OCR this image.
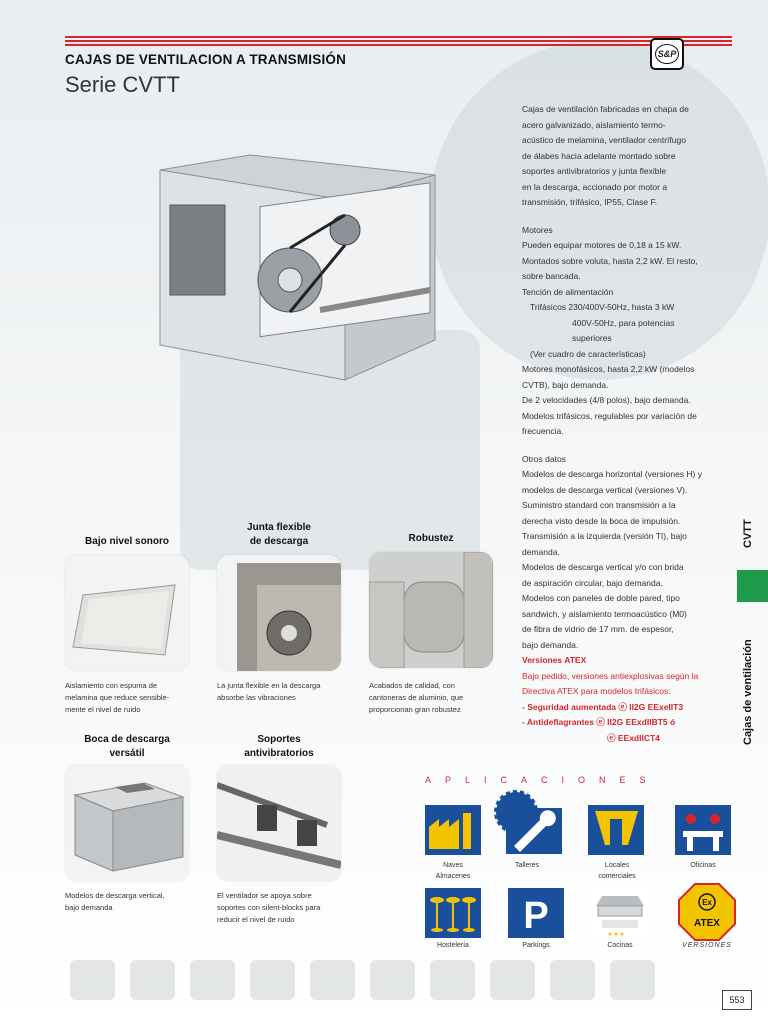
S&P
CAJAS DE VENTILACION A TRANSMISIÓN
Serie CVTT

Cajas de ventilación fabricadas en chapa de

acero galvanizado, aislamiento termo-

acústico de melamina, ventilador centrífugo

de álabes hacia adelante montado sobre

soportes antivibratorios y junta flexible

en la descarga, accionado por motor a

transmisión, trifásico, IP55, Clase F.

Motores

Pueden equipar motores de 0,18 a 15 kW.

Montados sobre voluta, hasta 2,2 kW. El resto,

sobre bancada.

Tención de alimentación

Trifásicos 230/400V-50Hz, hasta 3 kW

400V-50Hz, para potencias

superiores

(Ver cuadro de características)

Motores monofásicos, hasta 2,2 kW (modelos

CVTB), bajo demanda.

De 2 velocidades (4/8 polos), bajo demanda.

Modelos trifásicos, regulables por variación de

frecuencia.

Otros datos

Modelos de descarga horizontal (versiones H) y

modelos de descarga vertical (versiones V).

Suministro standard con transmisión a la

derecha visto desde la boca de impulsión.

Transmisión a la izquierda (versión TI), bajo

demanda.

Modelos de descarga vertical y/o con brida

de aspiración circular, bajo demanda.

Modelos con paneles de doble pared, tipo

sandwich, y aislamiento termoacústico (M0)

de fibra de vidrio de 17 mm. de espesor,

bajo demanda.

Versiones ATEX

Bajo pedido, versiones antiexplosivas según la

Directiva ATEX para modelos trifásicos:

- Seguridad aumentada ⓔ II2G EExeIIT3

- Antideflagrantes ⓔ II2G EExdIIBT5 ó

ⓔ EExdIICT4

CVTT
Cajas de ventilación
Bajo nivel sonoro
Aislamiento con espuma de
melamina que reduce sensible-
mente el nivel de ruido
Junta flexible
de descarga
La junta flexible en la descarga
absorbe las vibraciones
Robustez
Acabados de calidad, con
cantoneras de aluminio, que
proporcionan gran robustez
Boca de descarga
versátil
Modelos de descarga vertical,
bajo demanda
Soportes
antivibratorios
El ventilador se apoya sobre
soportes con silent-blocks para
reducir el nivel de ruido
APLICACIONES
Naves
Almacenes
Talleres	Locales
comerciales
Oficinas
Hostelería
P
Parkings	Cocinas
Ex
ATEX
VERSIONES
553
